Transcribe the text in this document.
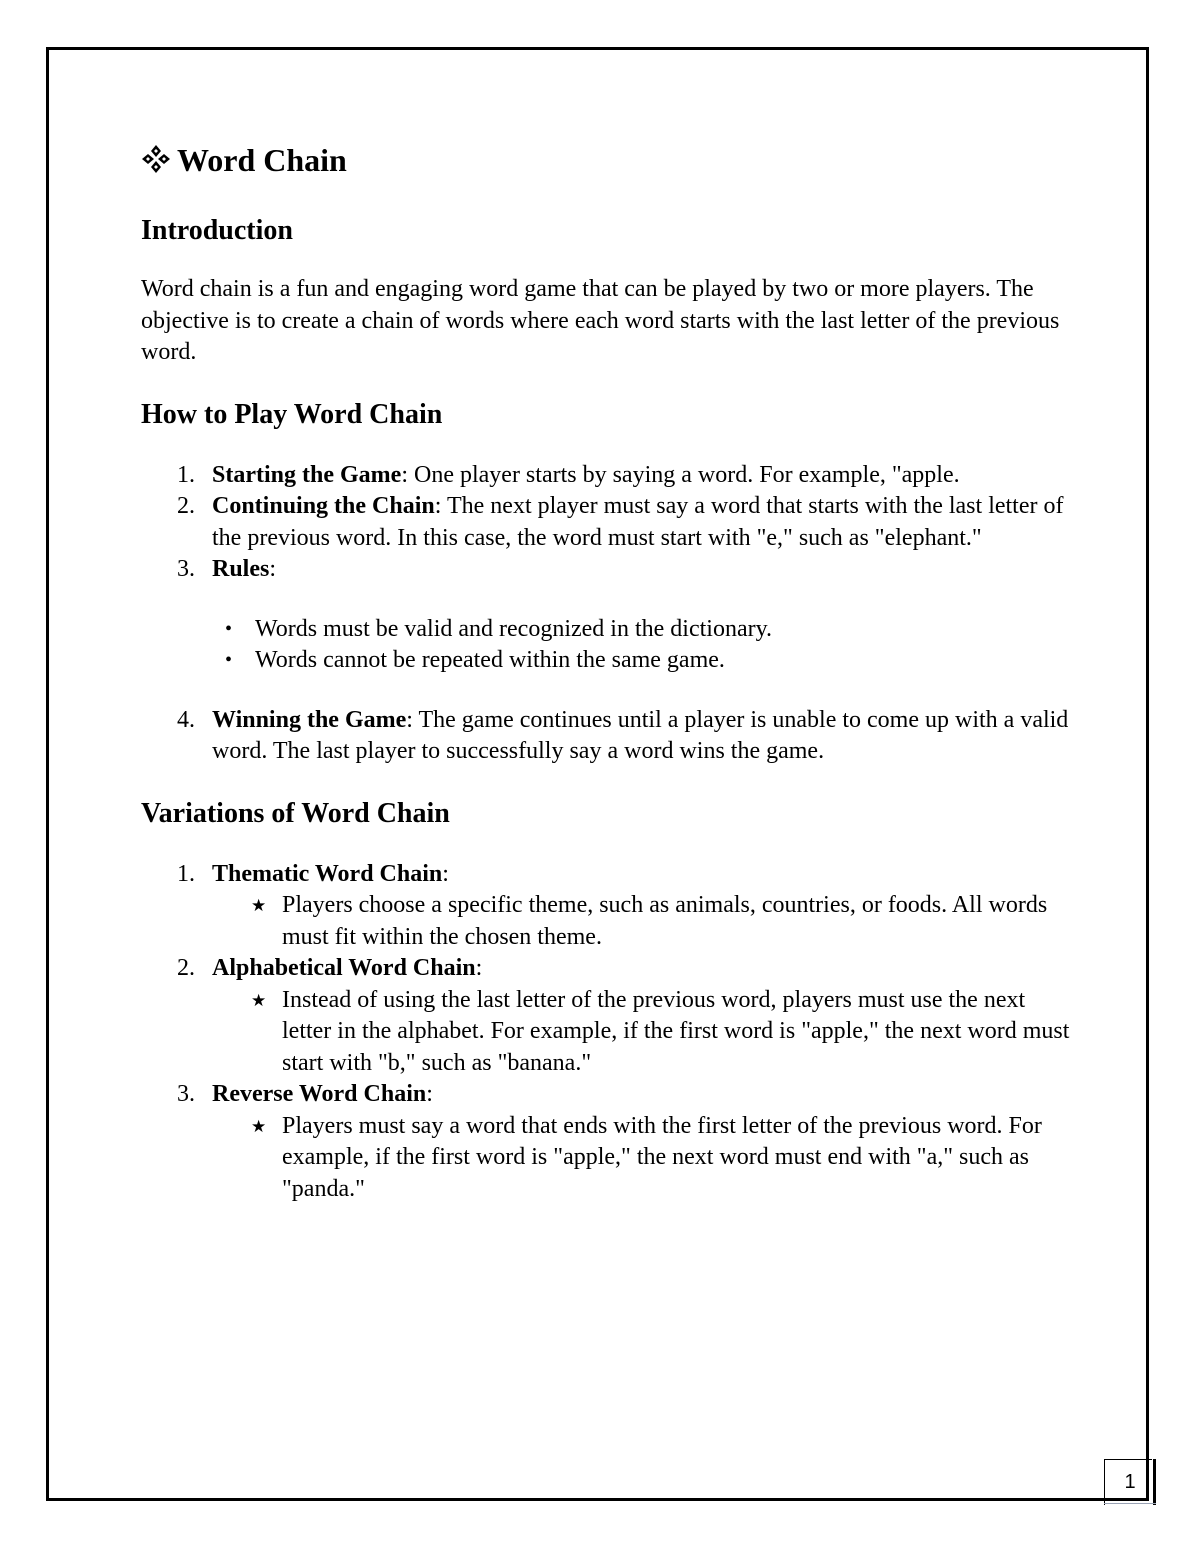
Word Chain
Introduction

Word chain is a fun and engaging word game that can be played by two or more players. The objective is to create a chain of words where each word starts with the last letter of the previous word.

How to Play Word Chain
1. Starting the Game: One player starts by saying a word. For example, "apple.
2. Continuing the Chain: The next player must say a word that starts with the last letter of the previous word. In this case, the word must start with "e," such as "elephant."
3. Rules:
• Words must be valid and recognized in the dictionary.
• Words cannot be repeated within the same game.
4. Winning the Game: The game continues until a player is unable to come up with a valid word. The last player to successfully say a word wins the game.
Variations of Word Chain
1. Thematic Word Chain:
★ Players choose a specific theme, such as animals, countries, or foods. All words must fit within the chosen theme.
2. Alphabetical Word Chain:
★ Instead of using the last letter of the previous word, players must use the next letter in the alphabet. For example, if the first word is "apple," the next word must start with "b," such as "banana."
3. Reverse Word Chain:
★ Players must say a word that ends with the first letter of the previous word. For example, if the first word is "apple," the next word must end with "a," such as "panda."
1
